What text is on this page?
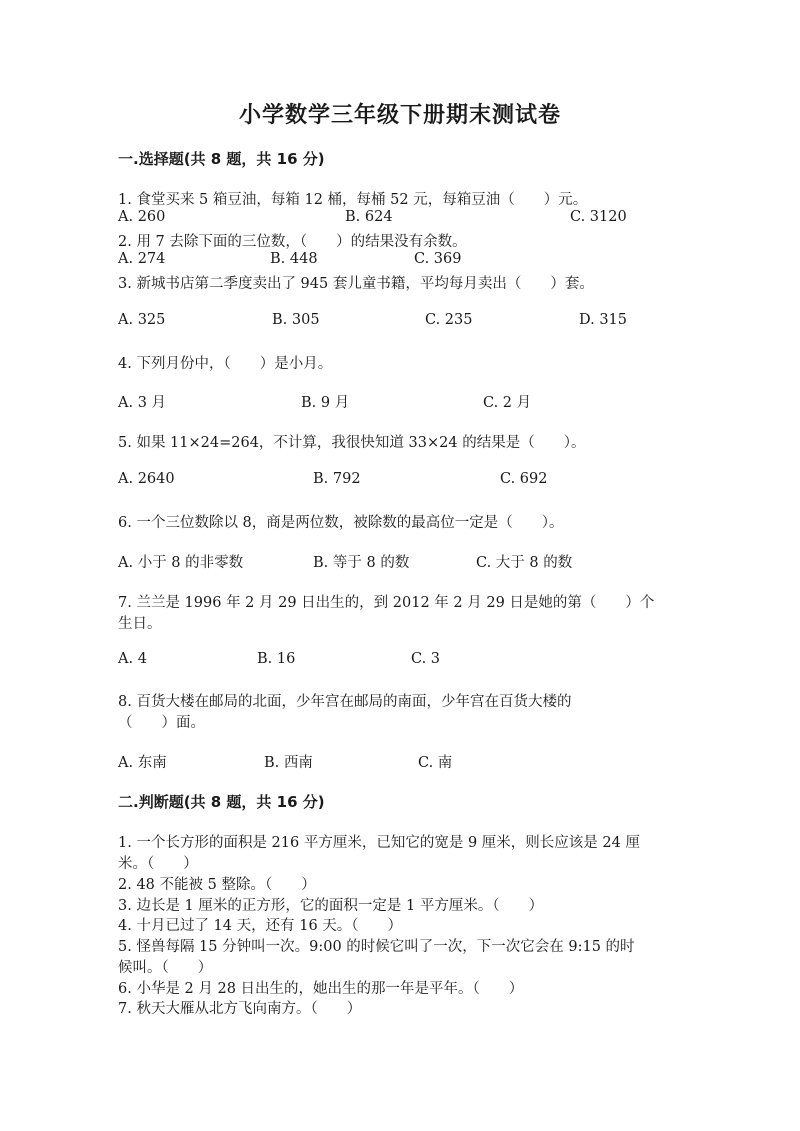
小学数学三年级下册期末测试卷
一.选择题(共 8 题，共 16 分)
1. 食堂买来 5 箱豆油，每箱 12 桶，每桶 52 元，每箱豆油（　　）元。
A. 260	B. 624	C. 3120
2. 用 7 去除下面的三位数，（　　）的结果没有余数。
A. 274	B. 448	C. 369
3. 新城书店第二季度卖出了 945 套儿童书籍，平均每月卖出（　　）套。
A. 325	B. 305	C. 235	D. 315
4. 下列月份中，（　　）是小月。
A. 3 月	B. 9 月	C. 2 月
5. 如果 11×24=264，不计算，我很快知道 33×24 的结果是（　　）。
A. 2640	B. 792	C. 692
6. 一个三位数除以 8，商是两位数，被除数的最高位一定是（　　）。
A. 小于 8 的非零数	B. 等于 8 的数	C. 大于 8 的数
7. 兰兰是 1996 年 2 月 29 日出生的，到 2012 年 2 月 29 日是她的第（　　）个
生日。
A. 4	B. 16	C. 3
8. 百货大楼在邮局的北面，少年宫在邮局的南面，少年宫在百货大楼的
（　　）面。
A. 东南	B. 西南	C. 南
二.判断题(共 8 题，共 16 分)
1. 一个长方形的面积是 216 平方厘米，已知它的宽是 9 厘米，则长应该是 24 厘
米。（　　）
2. 48 不能被 5 整除。（　　）
3. 边长是 1 厘米的正方形，它的面积一定是 1 平方厘米。（　　）
4. 十月已过了 14 天，还有 16 天。（　　）
5. 怪兽每隔 15 分钟叫一次。9:00 的时候它叫了一次，下一次它会在 9:15 的时
候叫。（　　）
6. 小华是 2 月 28 日出生的，她出生的那一年是平年。（　　）
7. 秋天大雁从北方飞向南方。（　　）
